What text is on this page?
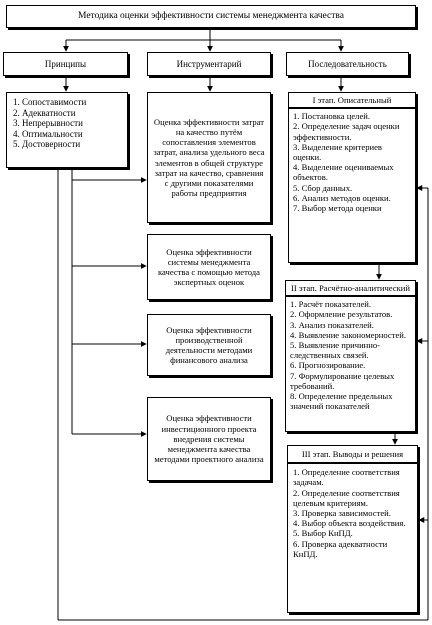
Методика оценки эффективности системы менеджмента качества
Принципы	Инструментарий	Последовательность
1. Сопоставимости
2. Адекватности
3. Непрерывности
4. Оптимальности
5. Достоверности
Оценка эффективности затрат на качество путём сопоставления элементов затрат, анализа удельного веса элементов в общей структуре затрат на качество, сравнения с другими показателями работы предприятия
Оценка эффективности системы менеджмента качества с помощью метода экспертных оценок
Оценка эффективности производственной деятельности методами финансового анализа
Оценка эффективности инвестиционного проекта внедрения системы менеджмента качества методами проектного анализа
I этап. Описательный
1. Постановка целей.
2. Определение задач оценки эффективности.
3. Выделение критериев оценки.
4. Выделение оцениваемых объектов.
5. Сбор данных.
6. Анализ методов оценки.
7. Выбор метода оценки
II этап. Расчётно-аналитический
1. Расчёт показателей.
2. Оформление результатов.
3. Анализ показателей.
4. Выявление закономерностей.
5. Выявление причинно-следственных связей.
6. Прогнозирование.
7. Формулирование целевых требований.
8. Определение предельных значений показателей
III этап. Выводы и решения
1. Определение соответствия задачам.
2. Определение соответствия целевым критериям.
3. Проверка зависимостей.
4. Выбор объекта воздействия.
5. Выбор КнПД.
6. Проверка адекватности КнПД.
